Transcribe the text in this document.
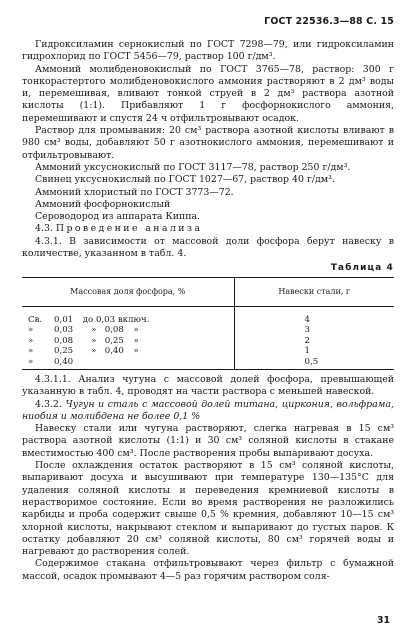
ГОСТ 22536.3—88 С. 15

Гидроксиламин сернокислый по ГОСТ 7298—79, или гидроксиламин гидрохлорид по ГОСТ 5456—79, раствор 100 г/дм³.

Аммоний молибденовокислый по ГОСТ 3765—78, раствор: 300 г тонкорастертого молибденовокислого аммония растворяют в 2 дм³ воды и, перемешивая, вливают тонкой струей в 2 дм³ раствора азотной кислоты (1:1). Прибавляют 1 г фосфорнокислого аммония, перемешивают и спустя 24 ч отфильтровывают осадок.

Раствор для промывания: 20 см³ раствора азотной кислоты вливают в 980 см³ воды, добавляют 50 г азотнокислого аммония, перемешивают и отфильтровывают.

Аммоний уксуснокислый по ГОСТ 3117—78, раствор 250 г/дм³.

Свинец уксуснокислый по ГОСТ 1027—67, раствор 40 г/дм³.

Аммоний хлористый по ГОСТ 3773—72.

Аммоний фосфорнокислый

Сероводород из аппарата Киппа.

4.3. Проведение анализа

4.3.1. В зависимости от массовой доли фосфора берут навеску в количестве, указанном в табл. 4.

Таблица 4
Массовая доля фосфора, %	Навески стали, г
Св. 0,01 до 0,03 включ.	4
» 0,03 » 0,08 »	3
» 0,08 » 0,25 »	2
» 0,25 » 0,40 »	1
» 0,40	0,5

4.3.1.1. Анализ чугуна с массовой долей фосфора, превышающей указанную в табл. 4, проводят на части раствора с меньшей навеской.

4.3.2. Чугун и сталь с массовой долей титана, циркония, вольфрама, ниобия и молибдена не более 0,1 %

Навеску стали или чугуна растворяют, слегка нагревая в 15 см³ раствора азотной кислоты (1:1) и 30 см³ соляной кислоты в стакане вместимостью 400 см³. После растворения пробы выпаривают досуха.

После охлаждения остаток растворяют в 15 см³ соляной кислоты, выпаривают досуха и высушивают при температуре 130—135°С для удаления соляной кислоты и переведения кремниевой кислоты в нерастворимое состояние. Если во время растворения не разложились карбиды и проба содержит свыше 0,5 % кремния, добавляют 10—15 см³ хлорной кислоты, накрывают стеклом и выпаривают до густых паров. К остатку добавляют 20 см³ соляной кислоты, 80 см³ горячей воды и нагревают до растворения солей.

Содержимое стакана отфильтровывают через фильтр с бумажной массой, осадок промывают 4—5 раз горячим раствором соля-

31
